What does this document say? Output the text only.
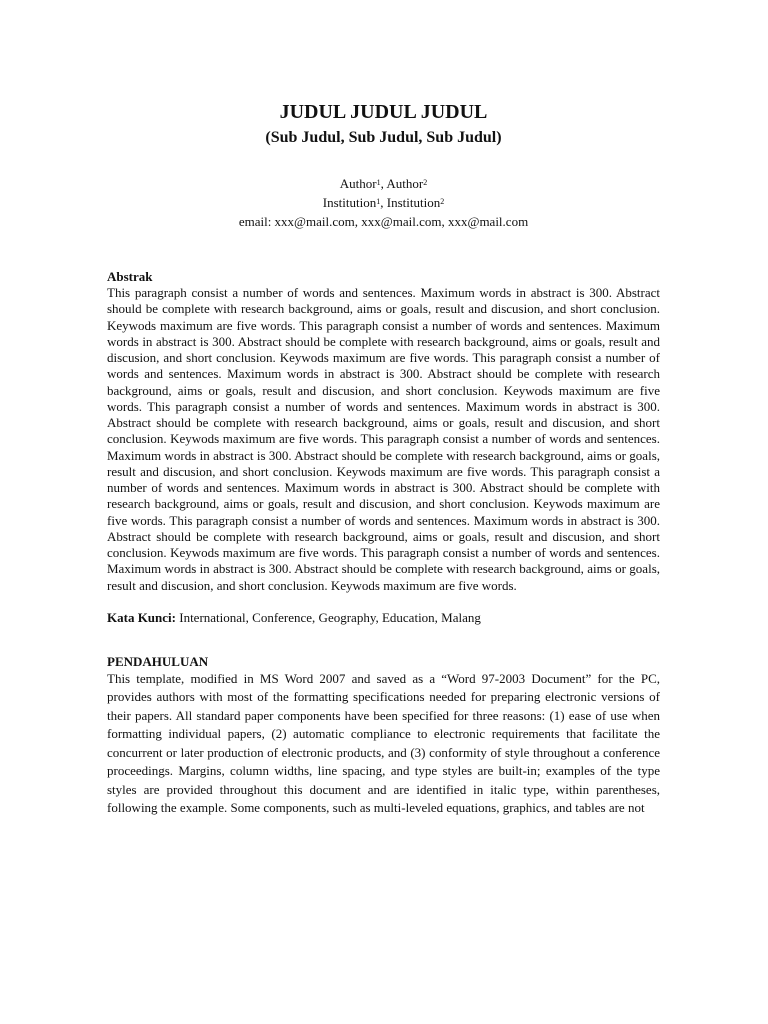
JUDUL JUDUL JUDUL
(Sub Judul, Sub Judul, Sub Judul)
Author$^1$, Author$^2$
Institution$^1$, Institution$^2$
email: xxx@mail.com, xxx@mail.com, xxx@mail.com
Abstrak

This paragraph consist a number of words and sentences. Maximum words in abstract is 300. Abstract should be complete with research background, aims or goals, result and discusion, and short conclusion. Keywods maximum are five words. This paragraph consist a number of words and sentences. Maximum words in abstract is 300. Abstract should be complete with research background, aims or goals, result and discusion, and short conclusion. Keywods maximum are five words. This paragraph consist a number of words and sentences. Maximum words in abstract is 300. Abstract should be complete with research background, aims or goals, result and discusion, and short conclusion. Keywods maximum are five words. This paragraph consist a number of words and sentences. Maximum words in abstract is 300. Abstract should be complete with research background, aims or goals, result and discusion, and short conclusion. Keywods maximum are five words. This paragraph consist a number of words and sentences. Maximum words in abstract is 300. Abstract should be complete with research background, aims or goals, result and discusion, and short conclusion. Keywods maximum are five words. This paragraph consist a number of words and sentences. Maximum words in abstract is 300. Abstract should be complete with research background, aims or goals, result and discusion, and short conclusion. Keywods maximum are five words. This paragraph consist a number of words and sentences. Maximum words in abstract is 300. Abstract should be complete with research background, aims or goals, result and discusion, and short conclusion. Keywods maximum are five words. This paragraph consist a number of words and sentences. Maximum words in abstract is 300. Abstract should be complete with research background, aims or goals, result and discusion, and short conclusion. Keywods maximum are five words.

Kata Kunci: International, Conference, Geography, Education, Malang
PENDAHULUAN

This template, modified in MS Word 2007 and saved as a “Word 97-2003 Document” for the PC, provides authors with most of the formatting specifications needed for preparing electronic versions of their papers. All standard paper components have been specified for three reasons: (1) ease of use when formatting individual papers, (2) automatic compliance to electronic requirements that facilitate the concurrent or later production of electronic products, and (3) conformity of style throughout a conference proceedings. Margins, column widths, line spacing, and type styles are built-in; examples of the type styles are provided throughout this document and are identified in italic type, within parentheses, following the example. Some components, such as multi-leveled equations, graphics, and tables are not
